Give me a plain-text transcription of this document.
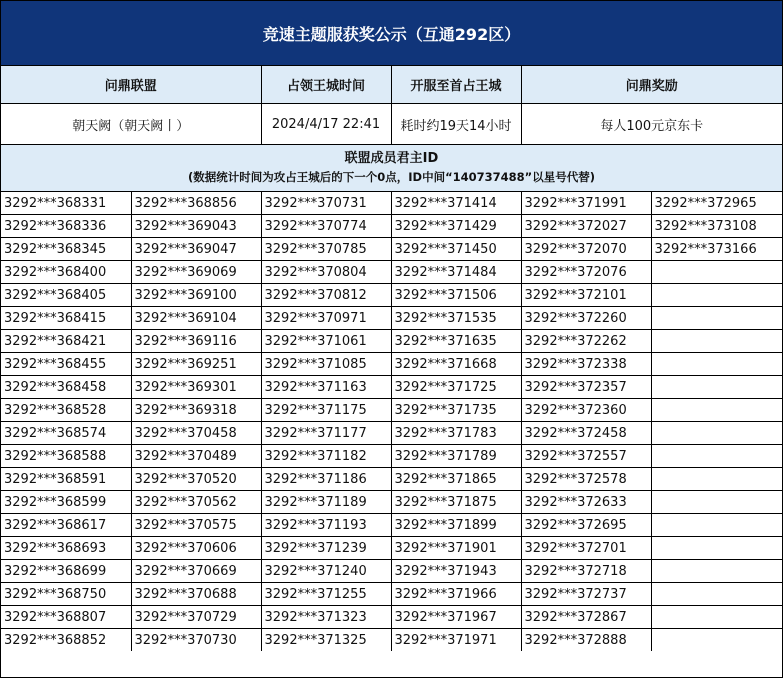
竞速主题服获奖公示（互通292区）
问鼎联盟	占领王城时间	开服至首占王城	问鼎奖励
朝天阙（朝天阙丨）	2024/4/17 22:41	耗时约19天14小时	每人100元京东卡

联盟成员君主ID
(数据统计时间为攻占王城后的下一个0点，ID中间“140737488”以星号代替)			
3292***368331	3292***368856	3292***370731	3292***371414	3292***371991	3292***372965
3292***368336	3292***369043	3292***370774	3292***371429	3292***372027	3292***373108
3292***368345	3292***369047	3292***370785	3292***371450	3292***372070	3292***373166
3292***368400	3292***369069	3292***370804	3292***371484	3292***372076	
3292***368405	3292***369100	3292***370812	3292***371506	3292***372101	
3292***368415	3292***369104	3292***370971	3292***371535	3292***372260	
3292***368421	3292***369116	3292***371061	3292***371635	3292***372262	
3292***368455	3292***369251	3292***371085	3292***371668	3292***372338	
3292***368458	3292***369301	3292***371163	3292***371725	3292***372357	
3292***368528	3292***369318	3292***371175	3292***371735	3292***372360	
3292***368574	3292***370458	3292***371177	3292***371783	3292***372458	
3292***368588	3292***370489	3292***371182	3292***371789	3292***372557	
3292***368591	3292***370520	3292***371186	3292***371865	3292***372578	
3292***368599	3292***370562	3292***371189	3292***371875	3292***372633	
3292***368617	3292***370575	3292***371193	3292***371899	3292***372695	
3292***368693	3292***370606	3292***371239	3292***371901	3292***372701	
3292***368699	3292***370669	3292***371240	3292***371943	3292***372718	
3292***368750	3292***370688	3292***371255	3292***371966	3292***372737	
3292***368807	3292***370729	3292***371323	3292***371967	3292***372867	
3292***368852	3292***370730	3292***371325	3292***371971	3292***372888	
